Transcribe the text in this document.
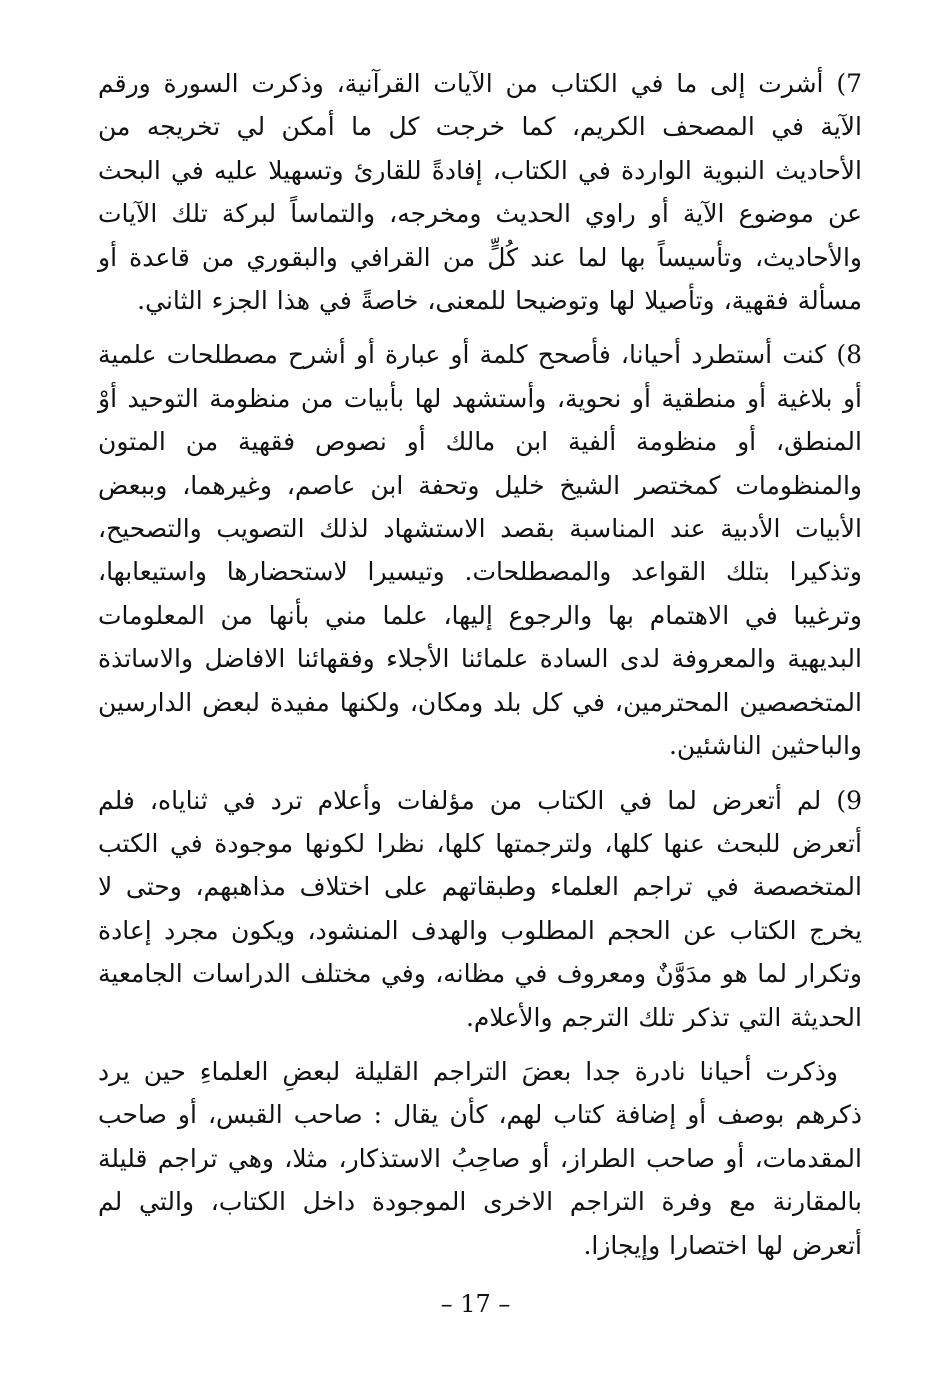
7) أشرت إلى ما في الكتاب من الآيات القرآنية، وذكرت السورة ورقم الآية في المصحف الكريم، كما خرجت كل ما أمكن لي تخريجه من الأحاديث النبوية الواردة في الكتاب، إفادةً للقارئ وتسهيلا عليه في البحث عن موضوع الآية أو راوي الحديث ومخرجه، والتماساً لبركة تلك الآيات والأحاديث، وتأسيساً بها لما عند كُلٍّ من القرافي والبقوري من قاعدة أو مسألة فقهية، وتأصيلا لها وتوضيحا للمعنى، خاصةً في هذا الجزء الثاني.

8) كنت أستطرد أحيانا، فأصحح كلمة أو عبارة أو أشرح مصطلحات علمية أو بلاغية أو منطقية أو نحوية، وأستشهد لها بأبيات من منظومة التوحيد أوْ المنطق، أو منظومة ألفية ابن مالك أو نصوص فقهية من المتون والمنظومات كمختصر الشيخ خليل وتحفة ابن عاصم، وغيرهما، وببعض الأبيات الأدبية عند المناسبة بقصد الاستشهاد لذلك التصويب والتصحيح، وتذكيرا بتلك القواعد والمصطلحات. وتيسيرا لاستحضارها واستيعابها، وترغيبا في الاهتمام بها والرجوع إليها، علما مني بأنها من المعلومات البديهية والمعروفة لدى السادة علمائنا الأجلاء وفقهائنا الافاضل والاساتذة المتخصصين المحترمين، في كل بلد ومكان، ولكنها مفيدة لبعض الدارسين والباحثين الناشئين.

9) لم أتعرض لما في الكتاب من مؤلفات وأعلام ترد في ثناياه، فلم أتعرض للبحث عنها كلها، ولترجمتها كلها، نظرا لكونها موجودة في الكتب المتخصصة في تراجم العلماء وطبقاتهم على اختلاف مذاهبهم، وحتى لا يخرج الكتاب عن الحجم المطلوب والهدف المنشود، ويكون مجرد إعادة وتكرار لما هو مدَوَّنٌ ومعروف في مظانه، وفي مختلف الدراسات الجامعية الحديثة التي تذكر تلك الترجم والأعلام.

وذكرت أحيانا نادرة جدا بعضَ التراجم القليلة لبعضِ العلماءِ حين يرد ذكرهم بوصف أو إضافة كتاب لهم، كأن يقال : صاحب القبس، أو صاحب المقدمات، أو صاحب الطراز، أو صاحِبُ الاستذكار، مثلا، وهي تراجم قليلة بالمقارنة مع وفرة التراجم الاخرى الموجودة داخل الكتاب، والتي لم أتعرض لها اختصارا وإيجازا.

– 17 –
